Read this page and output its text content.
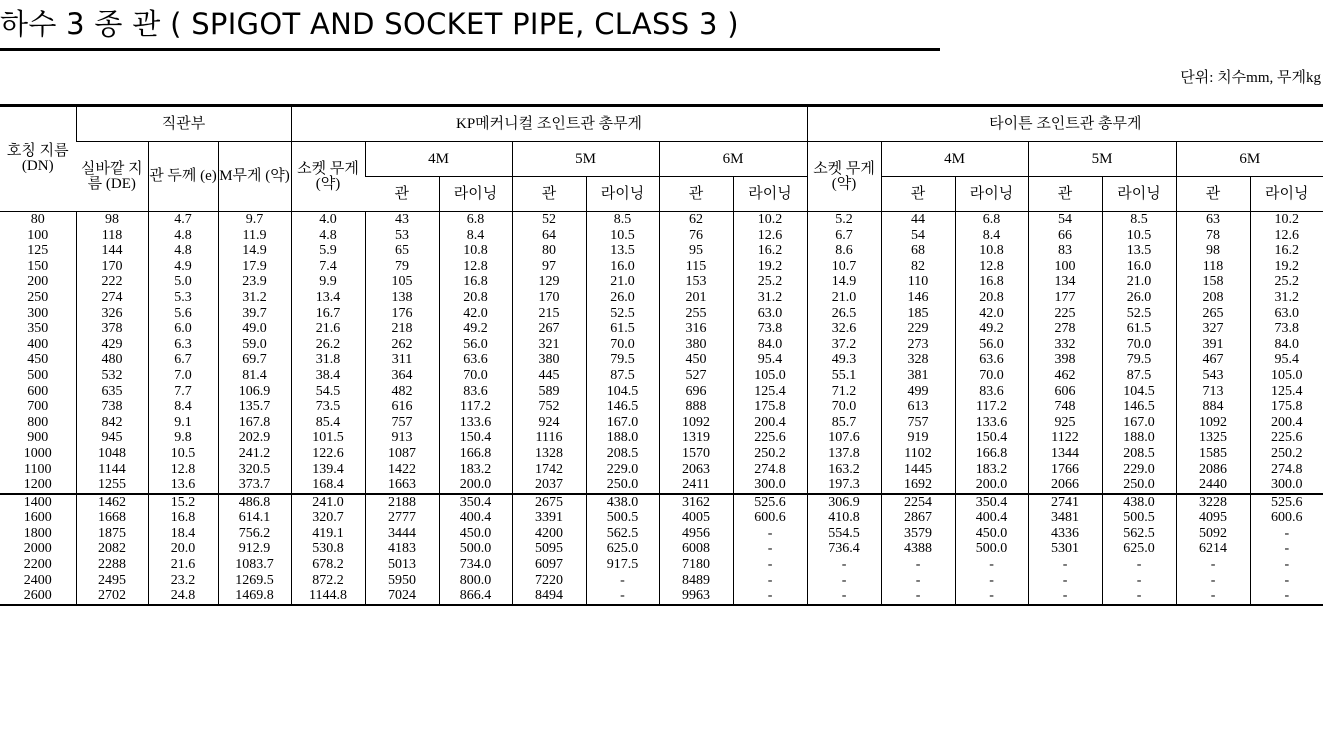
하수 3 종 관 ( SPIGOT AND SOCKET PIPE, CLASS 3 )
단위: 치수mm, 무게kg
호칭 지름 (DN)	직관부			KP메커니컬 조인트관 총무게							타이튼 조인트관 총무게						
	실바깥 지름 (DE)	관 두께 (e)	M무게 (약)	소켓 무게 (약)	4M		5M		6M		소켓 무게 (약)	4M		5M		6M	
					관	라이닝	관	라이닝	관	라이닝		관	라이닝	관	라이닝	관	라이닝
80	98	4.7	9.7	4.0	43	6.8	52	8.5	62	10.2	5.2	44	6.8	54	8.5	63	10.2
100	118	4.8	11.9	4.8	53	8.4	64	10.5	76	12.6	6.7	54	8.4	66	10.5	78	12.6
125	144	4.8	14.9	5.9	65	10.8	80	13.5	95	16.2	8.6	68	10.8	83	13.5	98	16.2
150	170	4.9	17.9	7.4	79	12.8	97	16.0	115	19.2	10.7	82	12.8	100	16.0	118	19.2
200	222	5.0	23.9	9.9	105	16.8	129	21.0	153	25.2	14.9	110	16.8	134	21.0	158	25.2
250	274	5.3	31.2	13.4	138	20.8	170	26.0	201	31.2	21.0	146	20.8	177	26.0	208	31.2
300	326	5.6	39.7	16.7	176	42.0	215	52.5	255	63.0	26.5	185	42.0	225	52.5	265	63.0
350	378	6.0	49.0	21.6	218	49.2	267	61.5	316	73.8	32.6	229	49.2	278	61.5	327	73.8
400	429	6.3	59.0	26.2	262	56.0	321	70.0	380	84.0	37.2	273	56.0	332	70.0	391	84.0
450	480	6.7	69.7	31.8	311	63.6	380	79.5	450	95.4	49.3	328	63.6	398	79.5	467	95.4
500	532	7.0	81.4	38.4	364	70.0	445	87.5	527	105.0	55.1	381	70.0	462	87.5	543	105.0
600	635	7.7	106.9	54.5	482	83.6	589	104.5	696	125.4	71.2	499	83.6	606	104.5	713	125.4
700	738	8.4	135.7	73.5	616	117.2	752	146.5	888	175.8	70.0	613	117.2	748	146.5	884	175.8
800	842	9.1	167.8	85.4	757	133.6	924	167.0	1092	200.4	85.7	757	133.6	925	167.0	1092	200.4
900	945	9.8	202.9	101.5	913	150.4	1116	188.0	1319	225.6	107.6	919	150.4	1122	188.0	1325	225.6
1000	1048	10.5	241.2	122.6	1087	166.8	1328	208.5	1570	250.2	137.8	1102	166.8	1344	208.5	1585	250.2
1100	1144	12.8	320.5	139.4	1422	183.2	1742	229.0	2063	274.8	163.2	1445	183.2	1766	229.0	2086	274.8
1200	1255	13.6	373.7	168.4	1663	200.0	2037	250.0	2411	300.0	197.3	1692	200.0	2066	250.0	2440	300.0
1400	1462	15.2	486.8	241.0	2188	350.4	2675	438.0	3162	525.6	306.9	2254	350.4	2741	438.0	3228	525.6
1600	1668	16.8	614.1	320.7	2777	400.4	3391	500.5	4005	600.6	410.8	2867	400.4	3481	500.5	4095	600.6
1800	1875	18.4	756.2	419.1	3444	450.0	4200	562.5	4956	-	554.5	3579	450.0	4336	562.5	5092	-
2000	2082	20.0	912.9	530.8	4183	500.0	5095	625.0	6008	-	736.4	4388	500.0	5301	625.0	6214	-
2200	2288	21.6	1083.7	678.2	5013	734.0	6097	917.5	7180	-	-	-	-	-	-	-	-
2400	2495	23.2	1269.5	872.2	5950	800.0	7220	-	8489	-	-	-	-	-	-	-	-
2600	2702	24.8	1469.8	1144.8	7024	866.4	8494	-	9963	-	-	-	-	-	-	-	-
